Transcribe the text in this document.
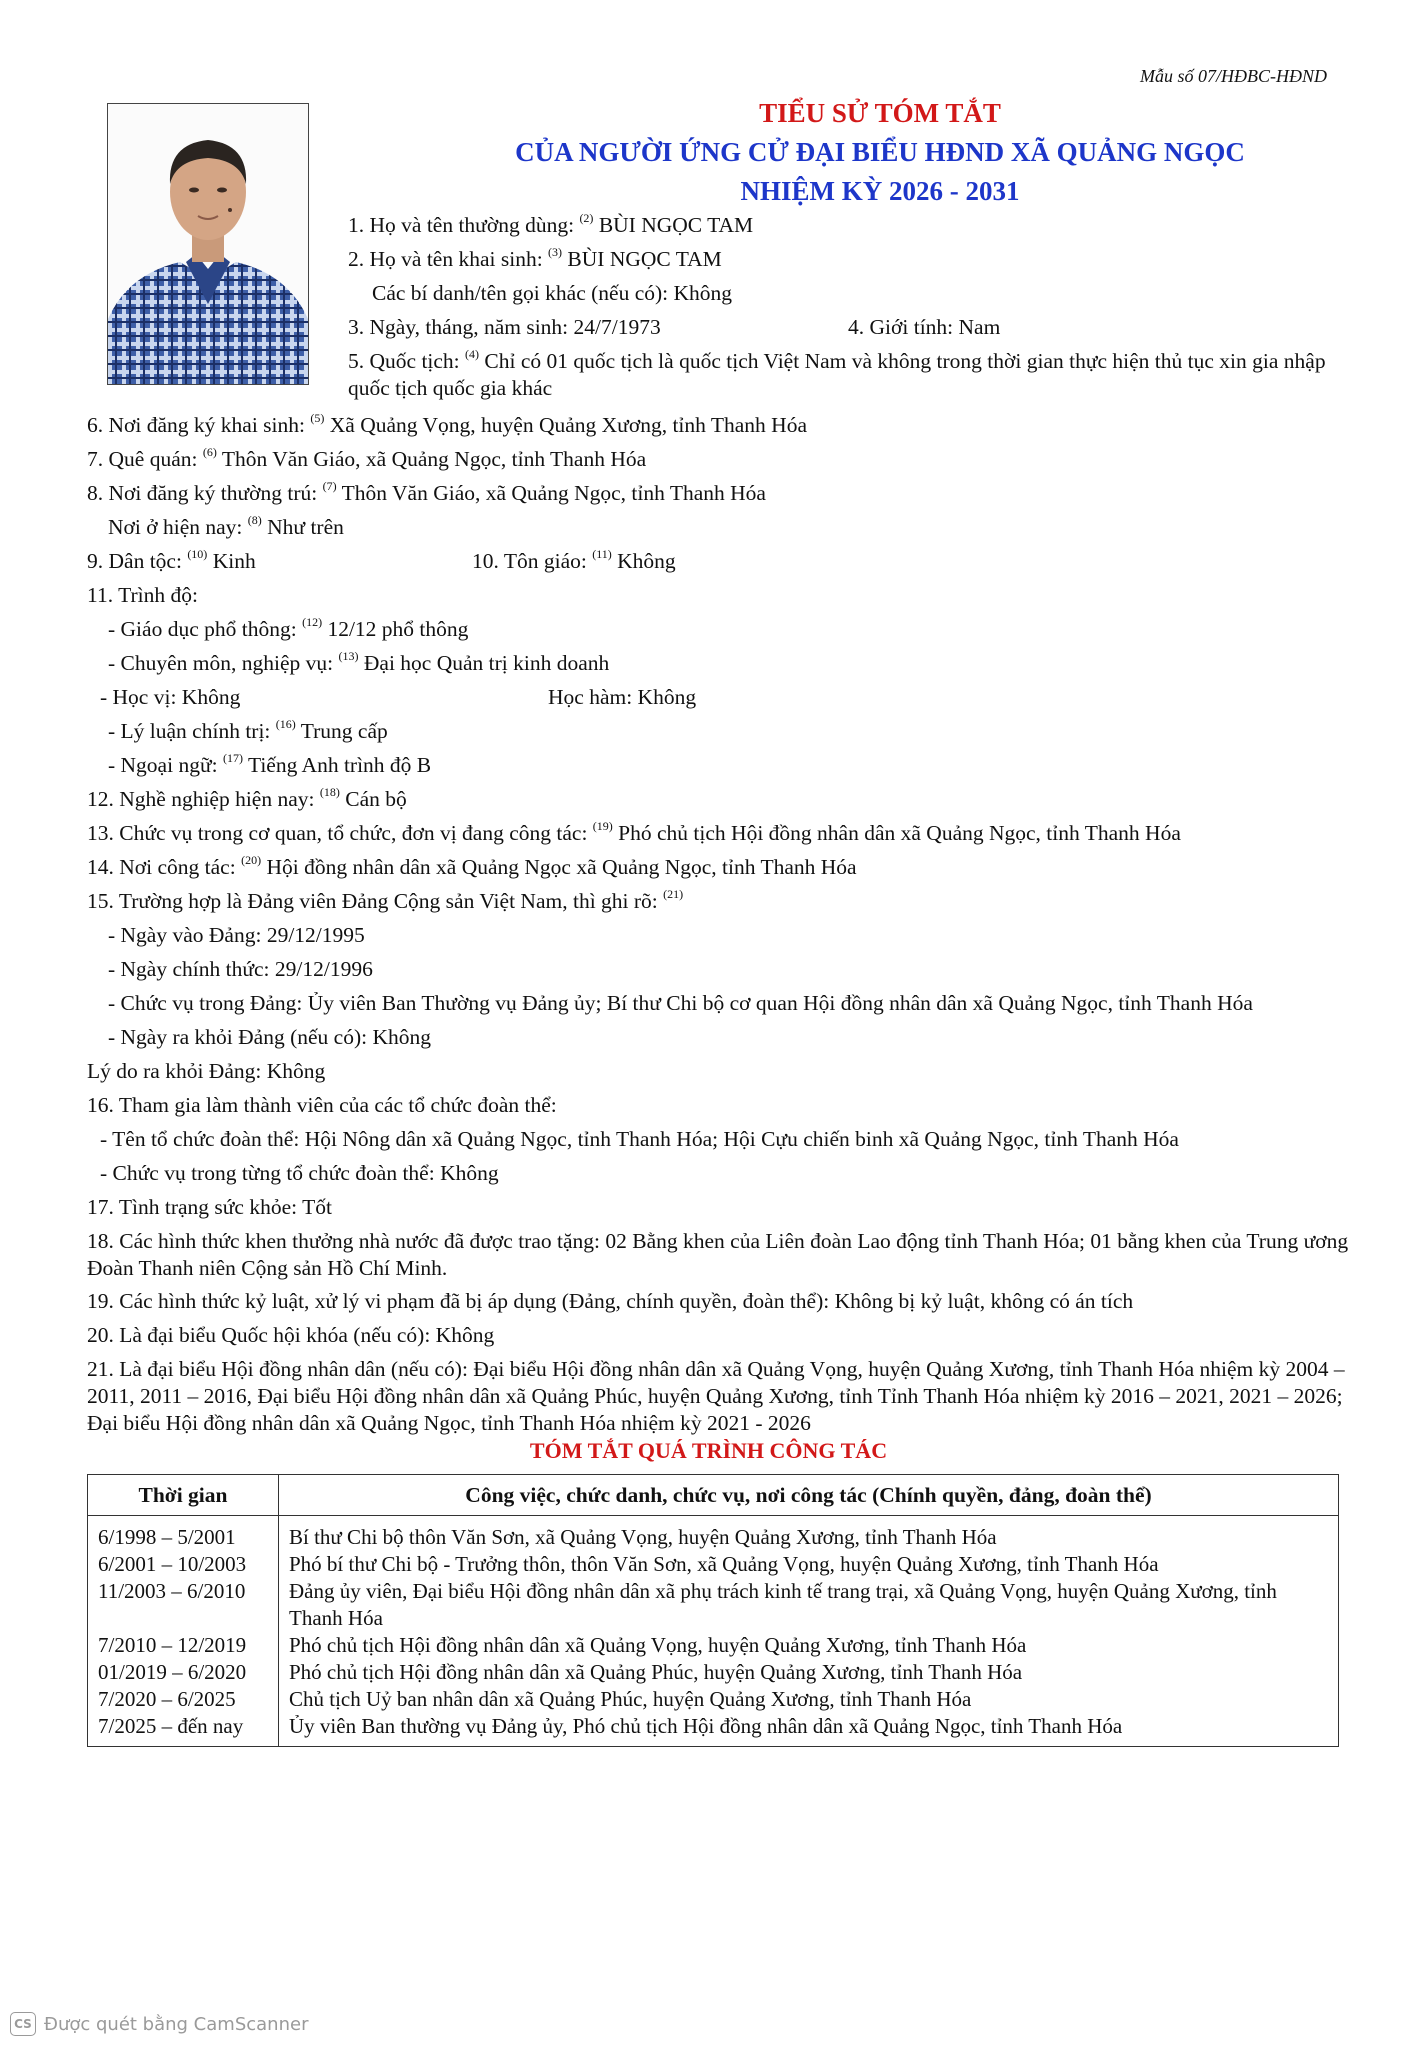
Mẫu số 07/HĐBC-HĐND

TIỂU SỬ TÓM TẮT

CỦA NGƯỜI ỨNG CỬ ĐẠI BIỂU HĐND XÃ QUẢNG NGỌC

NHIỆM KỲ 2026 - 2031

1. Họ và tên thường dùng: $^{(2)}$ BÙI NGỌC TAM
2. Họ và tên khai sinh: $^{(3)}$ BÙI NGỌC TAM
Các bí danh/tên gọi khác (nếu có): Không
3. Ngày, tháng, năm sinh: 24/7/1973	4. Giới tính: Nam
5. Quốc tịch: $^{(4)}$ Chỉ có 01 quốc tịch là quốc tịch Việt Nam và không trong thời gian thực hiện thủ tục xin gia nhập quốc tịch quốc gia khác
6. Nơi đăng ký khai sinh: $^{(5)}$ Xã Quảng Vọng, huyện Quảng Xương, tỉnh Thanh Hóa
7. Quê quán: $^{(6)}$ Thôn Văn Giáo, xã Quảng Ngọc, tỉnh Thanh Hóa
8. Nơi đăng ký thường trú: $^{(7)}$ Thôn Văn Giáo, xã Quảng Ngọc, tỉnh Thanh Hóa
Nơi ở hiện nay: $^{(8)}$ Như trên
9. Dân tộc: $^{(10)}$ Kinh	10. Tôn giáo: $^{(11)}$ Không
11. Trình độ:
- Giáo dục phổ thông: $^{(12)}$ 12/12 phổ thông
- Chuyên môn, nghiệp vụ: $^{(13)}$ Đại học Quản trị kinh doanh
- Học vị: Không	Học hàm: Không
- Lý luận chính trị: $^{(16)}$ Trung cấp
- Ngoại ngữ: $^{(17)}$ Tiếng Anh trình độ B
12. Nghề nghiệp hiện nay: $^{(18)}$ Cán bộ
13. Chức vụ trong cơ quan, tổ chức, đơn vị đang công tác: $^{(19)}$ Phó chủ tịch Hội đồng nhân dân xã Quảng Ngọc, tỉnh Thanh Hóa
14. Nơi công tác: $^{(20)}$ Hội đồng nhân dân xã Quảng Ngọc xã Quảng Ngọc, tỉnh Thanh Hóa
15. Trường hợp là Đảng viên Đảng Cộng sản Việt Nam, thì ghi rõ: $^{(21)}$
- Ngày vào Đảng: 29/12/1995
- Ngày chính thức: 29/12/1996
- Chức vụ trong Đảng: Ủy viên Ban Thường vụ Đảng ủy; Bí thư Chi bộ cơ quan Hội đồng nhân dân xã Quảng Ngọc, tỉnh Thanh Hóa
- Ngày ra khỏi Đảng (nếu có): Không
Lý do ra khỏi Đảng: Không
16. Tham gia làm thành viên của các tổ chức đoàn thể:
- Tên tổ chức đoàn thể: Hội Nông dân xã Quảng Ngọc, tỉnh Thanh Hóa; Hội Cựu chiến binh xã Quảng Ngọc, tỉnh Thanh Hóa
- Chức vụ trong từng tổ chức đoàn thể: Không
17. Tình trạng sức khỏe: Tốt
18. Các hình thức khen thưởng nhà nước đã được trao tặng: 02 Bằng khen của Liên đoàn Lao động tỉnh Thanh Hóa; 01 bằng khen của Trung ương Đoàn Thanh niên Cộng sản Hồ Chí Minh.
19. Các hình thức kỷ luật, xử lý vi phạm đã bị áp dụng (Đảng, chính quyền, đoàn thể): Không bị kỷ luật, không có án tích
20. Là đại biểu Quốc hội khóa (nếu có): Không
21. Là đại biểu Hội đồng nhân dân (nếu có): Đại biểu Hội đồng nhân dân xã Quảng Vọng, huyện Quảng Xương, tỉnh Thanh Hóa nhiệm kỳ 2004 – 2011, 2011 – 2016, Đại biểu Hội đồng nhân dân xã Quảng Phúc, huyện Quảng Xương, tỉnh Tỉnh Thanh Hóa nhiệm kỳ 2016 – 2021, 2021 – 2026; Đại biểu Hội đồng nhân dân xã Quảng Ngọc, tỉnh Thanh Hóa nhiệm kỳ 2021 - 2026
TÓM TẮT QUÁ TRÌNH CÔNG TÁC
Thời gian	Công việc, chức danh, chức vụ, nơi công tác (Chính quyền, đảng, đoàn thể)
6/1998 – 5/2001	Bí thư Chi bộ thôn Văn Sơn, xã Quảng Vọng, huyện Quảng Xương, tỉnh Thanh Hóa
6/2001 – 10/2003	Phó bí thư Chi bộ - Trưởng thôn, thôn Văn Sơn, xã Quảng Vọng, huyện Quảng Xương, tỉnh Thanh Hóa
11/2003 – 6/2010	Đảng ủy viên, Đại biểu Hội đồng nhân dân xã phụ trách kinh tế trang trại, xã Quảng Vọng, huyện Quảng Xương, tỉnh Thanh Hóa
7/2010 – 12/2019	Phó chủ tịch Hội đồng nhân dân xã Quảng Vọng, huyện Quảng Xương, tỉnh Thanh Hóa
01/2019 – 6/2020	Phó chủ tịch Hội đồng nhân dân xã Quảng Phúc, huyện Quảng Xương, tỉnh Thanh Hóa
7/2020 – 6/2025	Chủ tịch Uỷ ban nhân dân xã Quảng Phúc, huyện Quảng Xương, tỉnh Thanh Hóa
7/2025 – đến nay	Ủy viên Ban thường vụ Đảng ủy, Phó chủ tịch Hội đồng nhân dân xã Quảng Ngọc, tỉnh Thanh Hóa
CS Được quét bằng CamScanner
